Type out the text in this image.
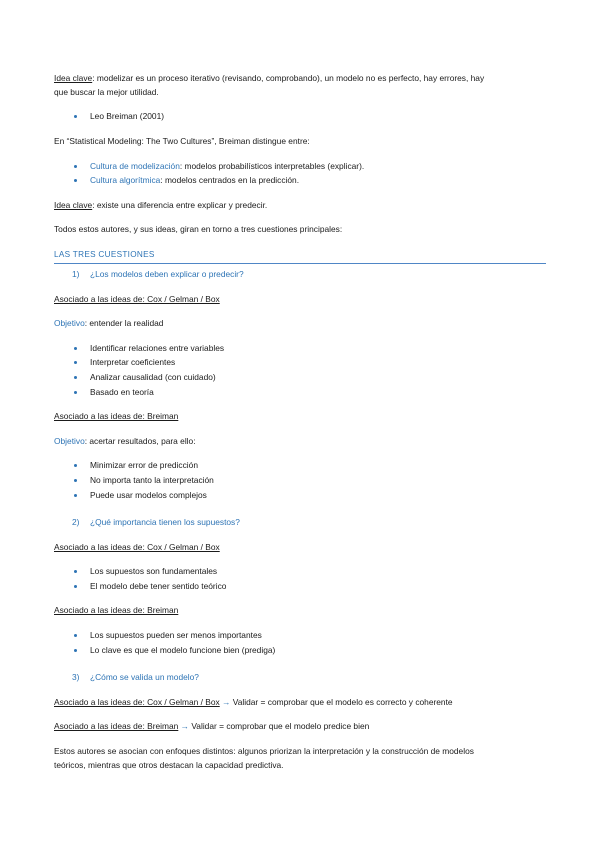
Idea clave: modelizar es un proceso iterativo (revisando, comprobando), un modelo no es perfecto, hay errores, hay
que buscar la mejor utilidad.
Leo Breiman (2001)
En “Statistical Modeling: The Two Cultures”, Breiman distingue entre:
Cultura de modelización: modelos probabilísticos interpretables (explicar).
Cultura algorítmica: modelos centrados en la predicción.
Idea clave: existe una diferencia entre explicar y predecir.
Todos estos autores, y sus ideas, giran en torno a tres cuestiones principales:
LAS TRES CUESTIONES
1) ¿Los modelos deben explicar o predecir?
Asociado a las ideas de: Cox / Gelman / Box
Objetivo: entender la realidad
Identificar relaciones entre variables
Interpretar coeficientes
Analizar causalidad (con cuidado)
Basado en teoría
Asociado a las ideas de: Breiman
Objetivo: acertar resultados, para ello:
Minimizar error de predicción
No importa tanto la interpretación
Puede usar modelos complejos
2) ¿Qué importancia tienen los supuestos?
Asociado a las ideas de: Cox / Gelman / Box
Los supuestos son fundamentales
El modelo debe tener sentido teórico
Asociado a las ideas de: Breiman
Los supuestos pueden ser menos importantes
Lo clave es que el modelo funcione bien (prediga)
3) ¿Cómo se valida un modelo?
Asociado a las ideas de: Cox / Gelman / Box → Validar = comprobar que el modelo es correcto y coherente
Asociado a las ideas de: Breiman → Validar = comprobar que el modelo predice bien
Estos autores se asocian con enfoques distintos: algunos priorizan la interpretación y la construcción de modelos
teóricos, mientras que otros destacan la capacidad predictiva.
